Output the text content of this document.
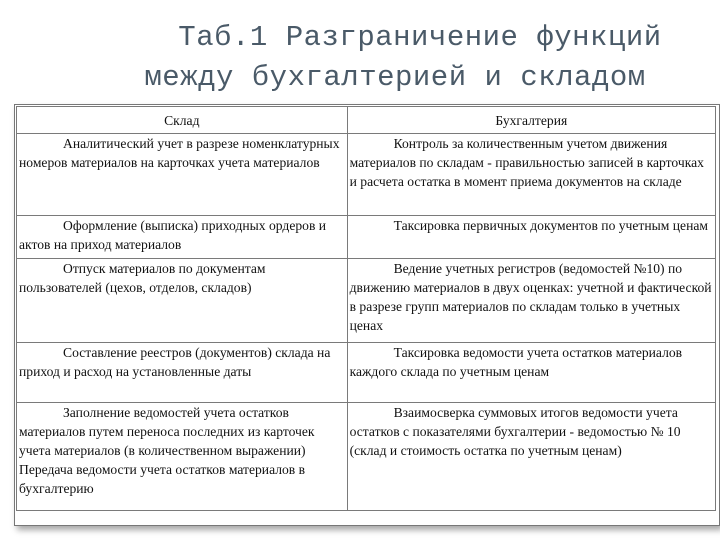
Таб.1 Разграничение функций
между бухгалтерией и складом
Склад	Бухгалтерия
Аналитический учет в разрезе номенклатурных номеров материалов на карточках учета материалов	Контроль за количественным учетом движения материалов по складам - правильностью записей в карточках и расчета остатка в момент приема документов на складе
Оформление (выписка) приходных ордеров и актов на приход материалов	Таксировка первичных документов по учетным ценам
Отпуск материалов по документам пользователей (цехов, отделов, складов)	Ведение учетных регистров (ведомостей №10) по движению материалов в двух оценках: учетной и фактической в разрезе групп материалов по складам только в учетных ценах
Составление реестров (документов) склада на приход и расход на установленные даты	Таксировка ведомости учета остатков материалов каждого склада по учетным ценам
Заполнение ведомостей учета остатков материалов путем переноса последних из карточек учета материалов (в количественном выражении) Передача ведомости учета остатков материалов в бухгалтерию	Взаимосверка суммовых итогов ведомости учета остатков с показателями бухгалтерии - ведомостью № 10 (склад и стоимость остатка по учетным ценам)
